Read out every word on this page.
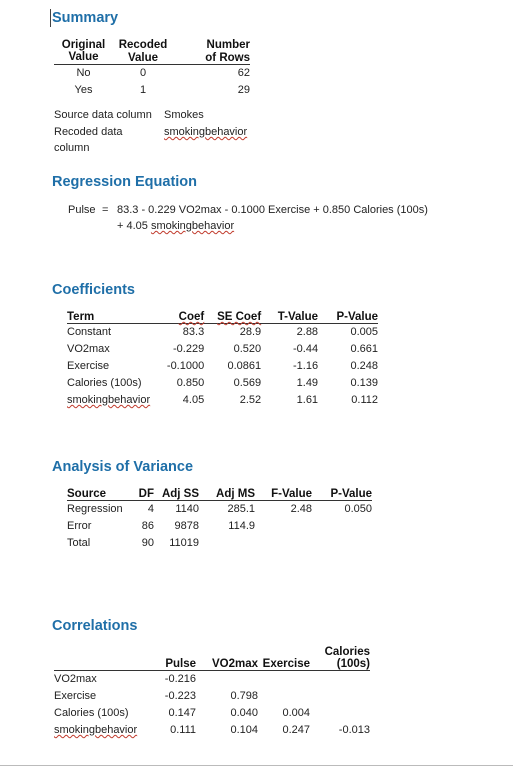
Summary
Original	Recoded	Number
Value	Value	of Rows
No	0	62
Yes	1	29
Source data column Smokes
Recoded data	smokingbehavior
column
Regression Equation
Pulse = 83.3 - 0.229 VO2max - 0.1000 Exercise + 0.850 Calories (100s)
+ 4.05 smokingbehavior
Coefficients
Term	Coef	SE Coef	T-Value	P-Value
Constant	83.3	28.9	2.88	0.005
VO2max	-0.229	0.520	-0.44	0.661
Exercise	-0.1000	0.0861	-1.16	0.248
Calories (100s)	0.850	0.569	1.49	0.139
smokingbehavior	4.05	2.52	1.61	0.112
Analysis of Variance
Source	DF	Adj SS	Adj MS	F-Value	P-Value
Regression	4	1140	285.1	2.48	0.050
Error	86	9878	114.9		
Total	90	11019			
Correlations
				Calories
	Pulse	VO2max	Exercise	(100s)
VO2max	-0.216			
Exercise	-0.223	0.798		
Calories (100s)	0.147	0.040	0.004	
smokingbehavior	0.111	0.104	0.247	-0.013
